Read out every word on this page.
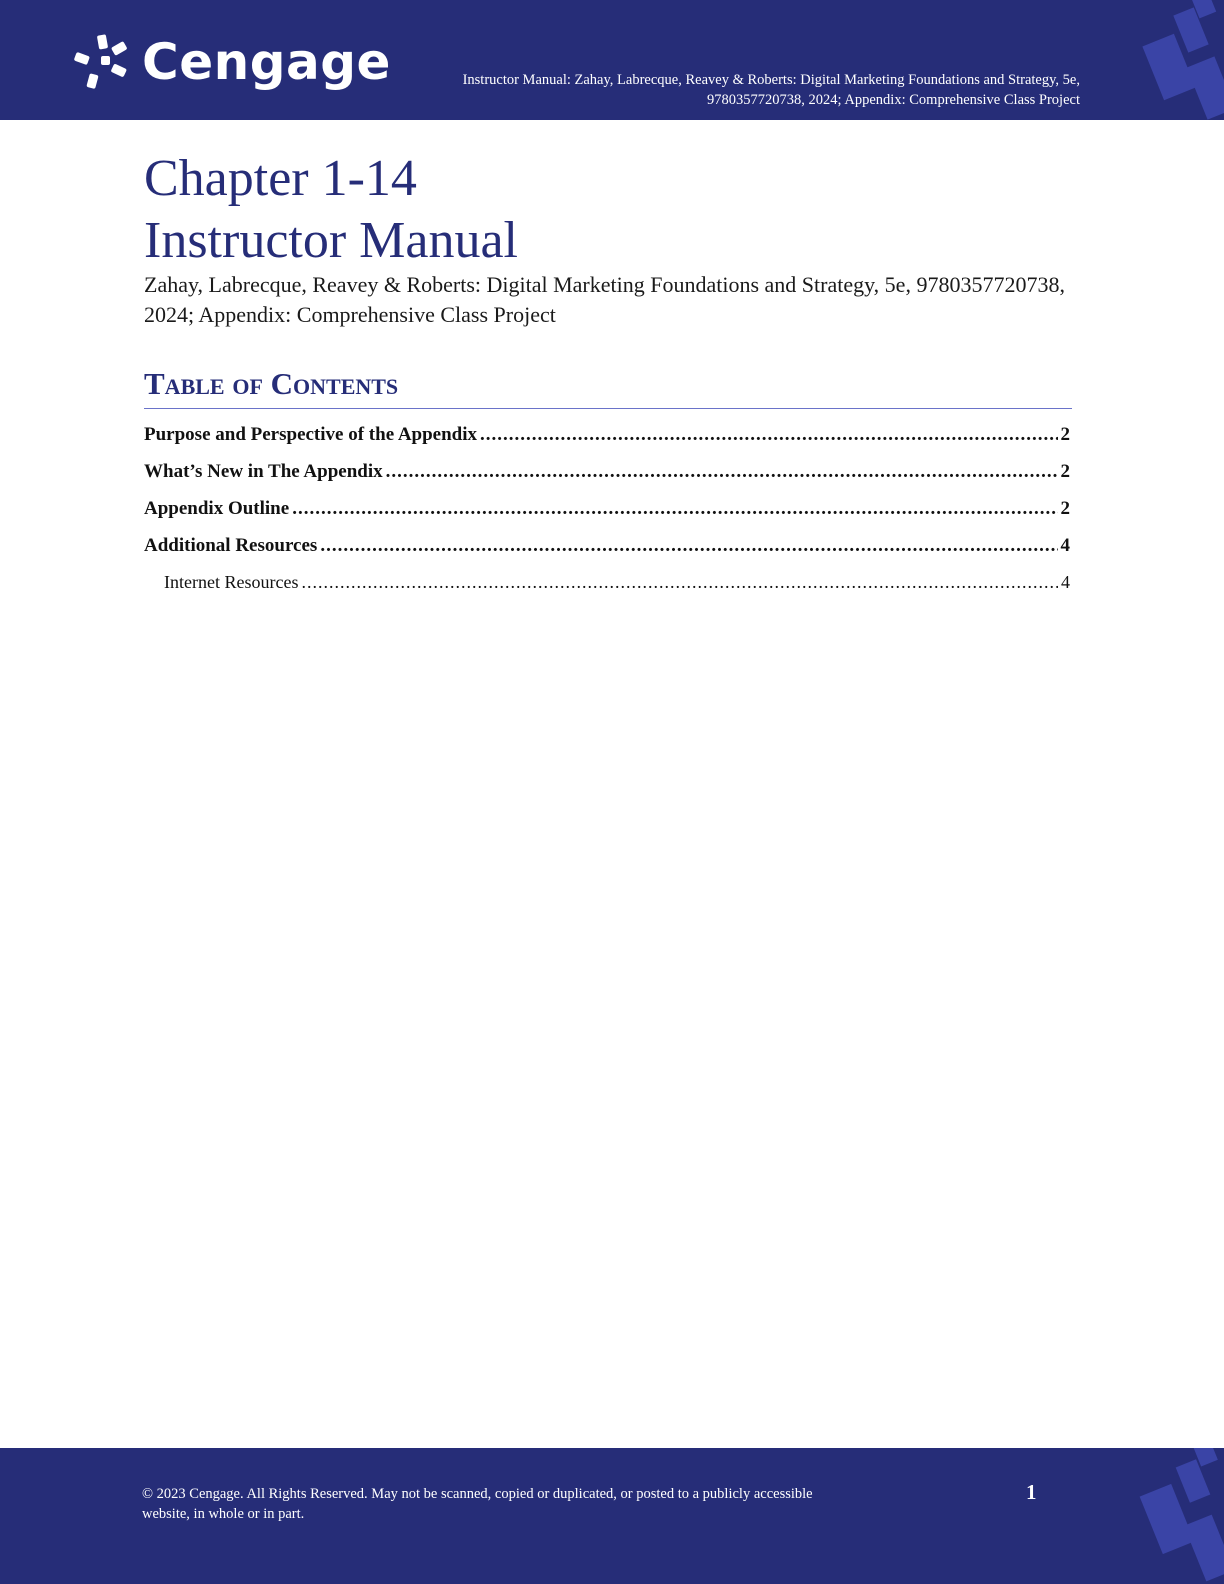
Cengage	Instructor Manual: Zahay, Labrecque, Reavey & Roberts: Digital Marketing Foundations and Strategy, 5e,
9780357720738, 2024; Appendix: Comprehensive Class Project
Chapter 1-14
Instructor Manual

Zahay, Labrecque, Reavey & Roberts: Digital Marketing Foundations and Strategy, 5e, 9780357720738, 2024; Appendix: Comprehensive Class Project

Table of Contents
Purpose and Perspective of the Appendix .....	2
What’s New in The Appendix .....	2
Appendix Outline .....	2
Additional Resources .....	4
Internet Resources .....	4
© 2023 Cengage. All Rights Reserved. May not be scanned, copied or duplicated, or posted to a publicly accessible website, in whole or in part.
1
